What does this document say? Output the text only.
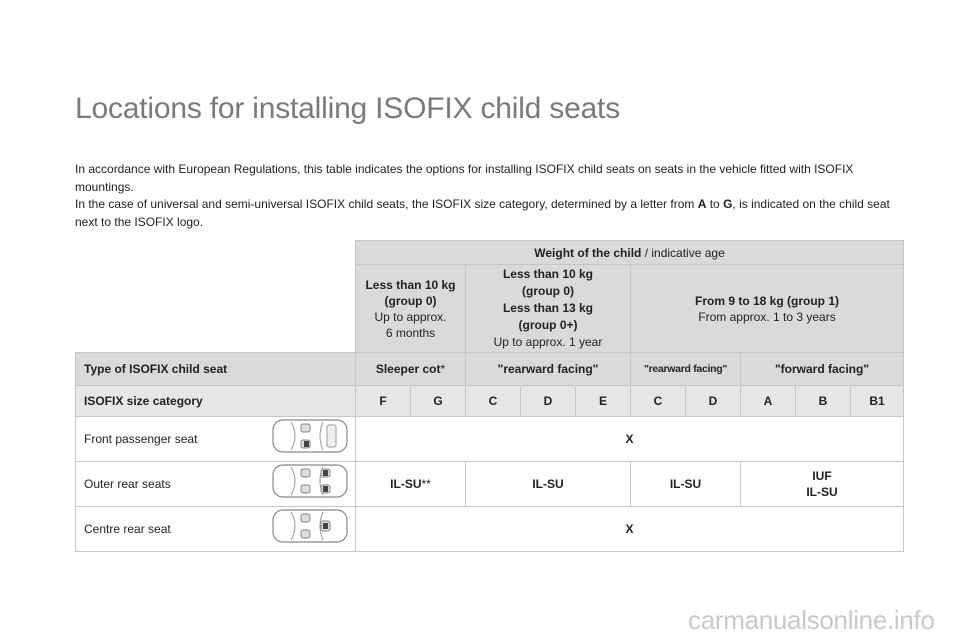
Locations for installing ISOFIX child seats

In accordance with European Regulations, this table indicates the options for installing ISOFIX child seats on seats in the vehicle fitted with ISOFIX mountings.

In the case of universal and semi-universal ISOFIX child seats, the ISOFIX size category, determined by a letter from A to G, is indicated on the child seat next to the ISOFIX logo.

	Weight of the child / indicative age									
	Less than 10 kg
(group 0)
Up to approx.
6 months		Less than 10 kg
(group 0)
Less than 13 kg
(group 0+)
Up to approx. 1 year			From 9 to 18 kg (group 1)
From approx. 1 to 3 years				
Type of ISOFIX child seat	Sleeper cot*		"rearward facing"			"rearward facing"		"forward facing"		
ISOFIX size category	F	G	C	D	E	C	D	A	B	B1
Front passenger seat	X									
Outer rear seats	IL-SU**		IL-SU			IL-SU		IUF
IL-SU		
Centre rear seat	X									
carmanualsonline.info
